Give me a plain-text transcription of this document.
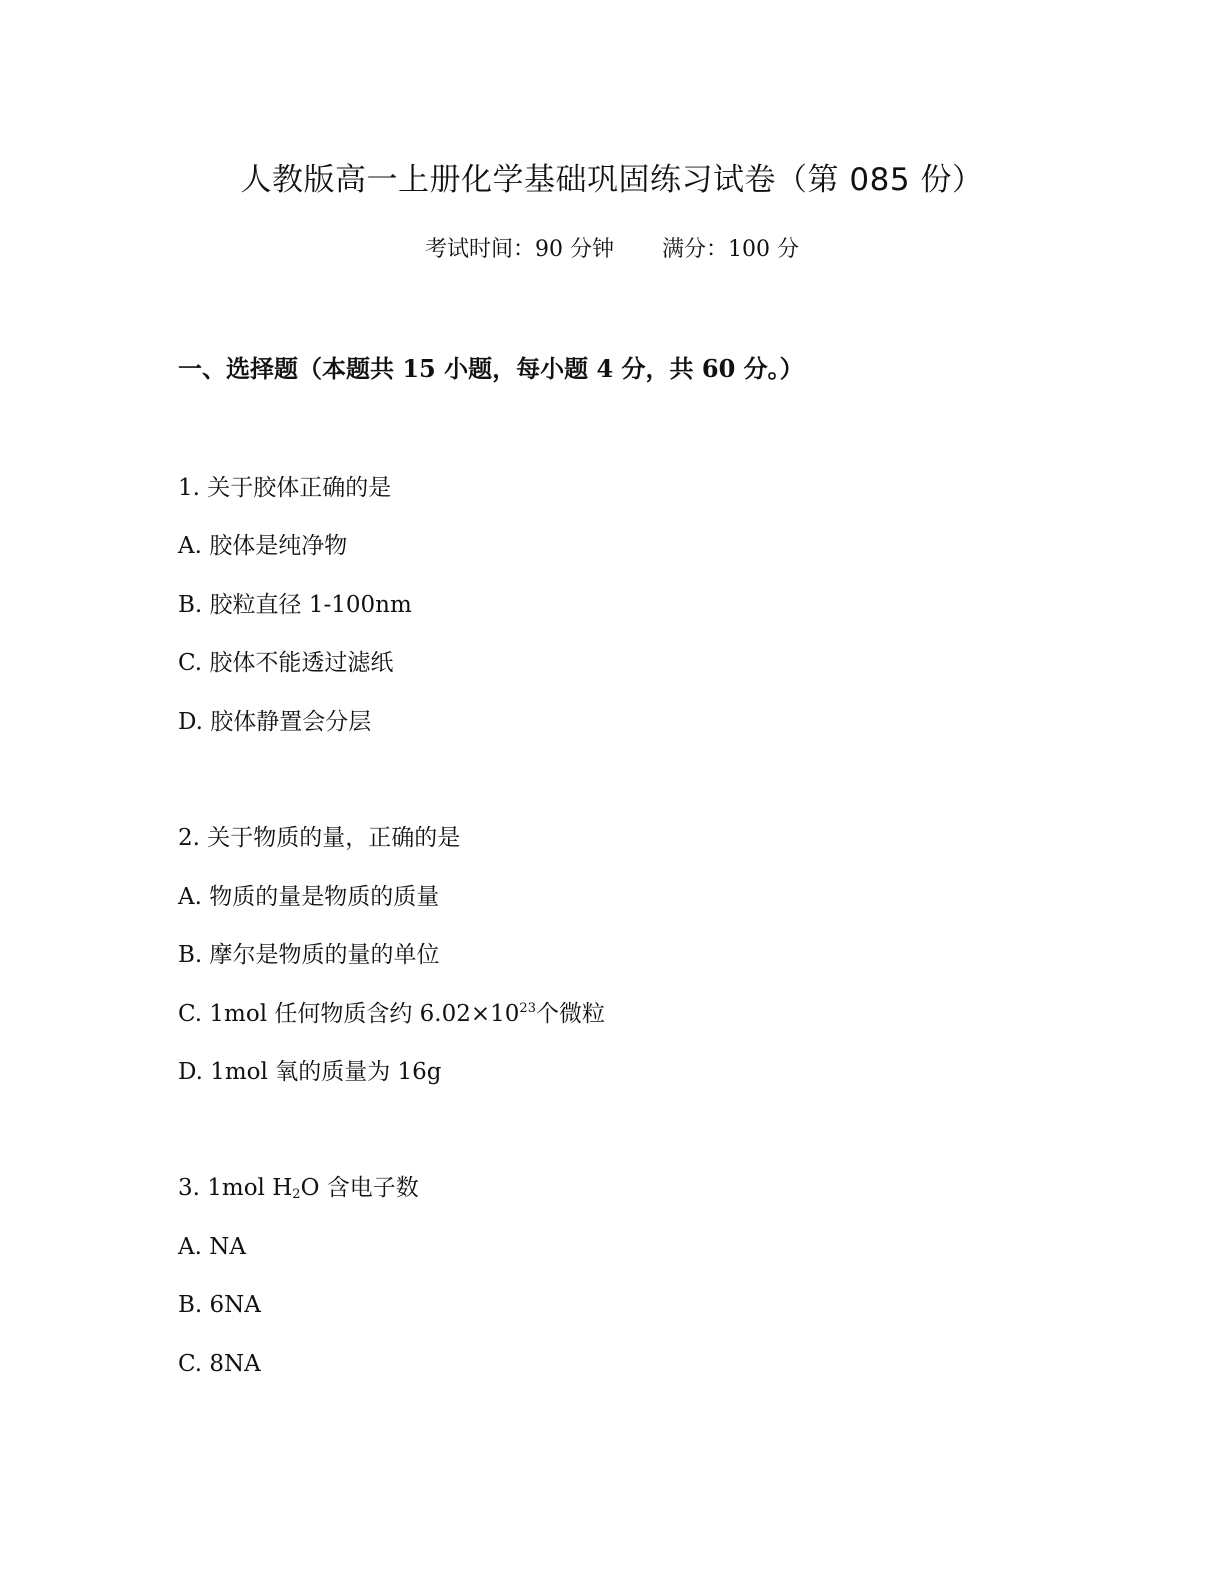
人教版高一上册化学基础巩固练习试卷（第 085 份）
考试时间：90 分钟 满分：100 分
一、选择题（本题共 15 小题，每小题 4 分，共 60 分。）
1. 关于胶体正确的是
A. 胶体是纯净物
B. 胶粒直径 1-100nm
C. 胶体不能透过滤纸
D. 胶体静置会分层
2. 关于物质的量，正确的是
A. 物质的量是物质的质量
B. 摩尔是物质的量的单位
C. 1mol 任何物质含约 $6.02\times 10^{23}$个微粒
D. 1mol 氧的质量为 16g
3. 1mol $H_2O$ 含电子数
A. NA
B. 6NA
C. 8NA
